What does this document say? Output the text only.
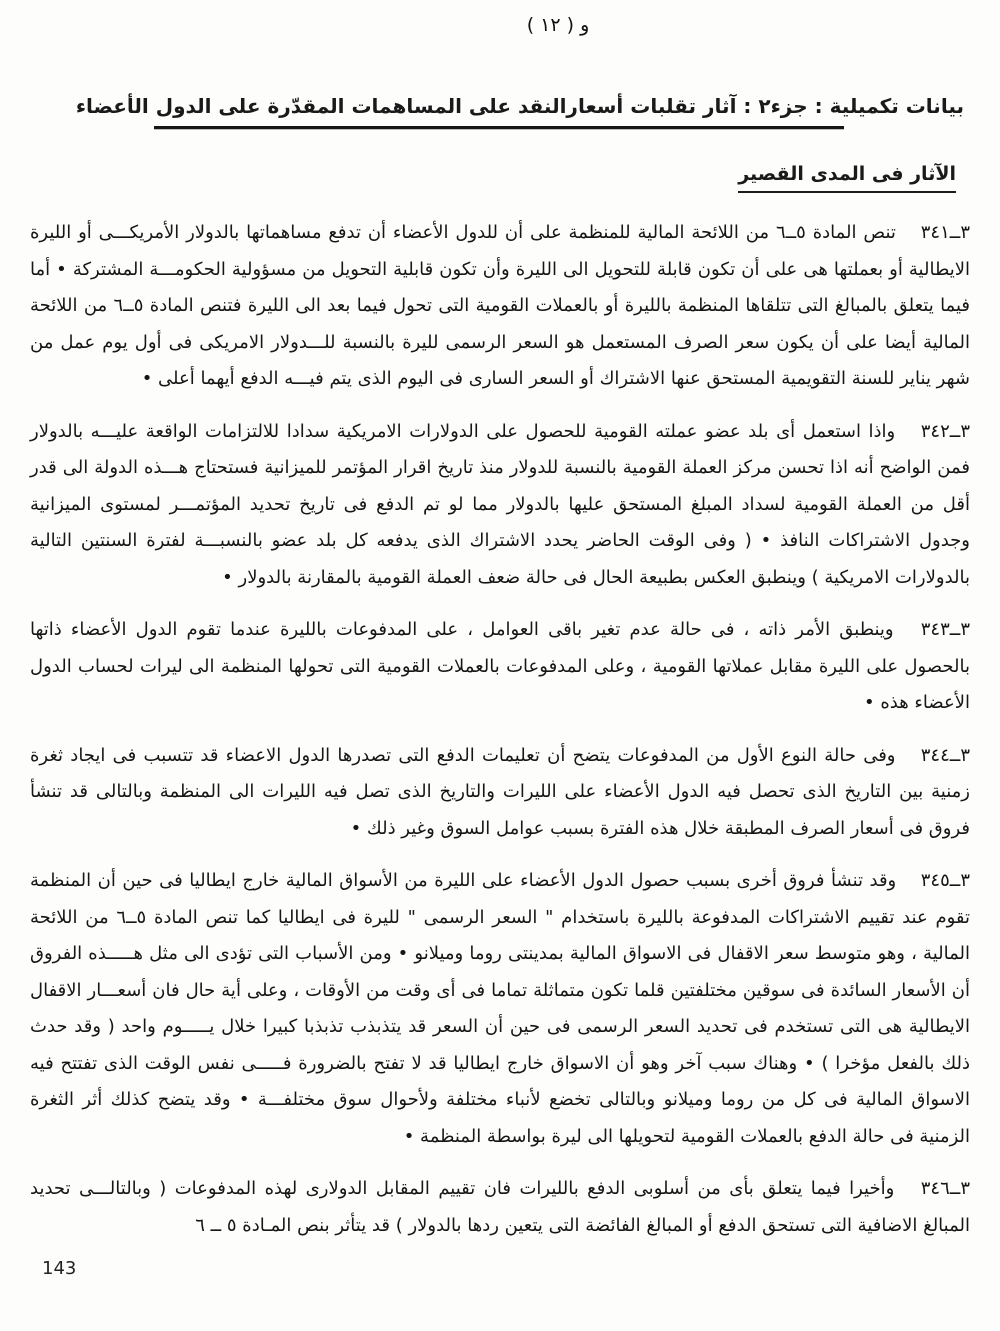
و ( ١٢ )
بيانات تكميلية : جزء٢ : آثار تقلبات أسعارالنقد على المساهمات المقدّرة على الدول الأعضاء
الآثار فى المدى القصير

٣ــ٣٤١ تنص المادة ٥ــ٦ من اللائحة المالية للمنظمة على أن للدول الأعضاء أن تدفع مساهماتها بالدولار الأمريكـــى أو الليرة الايطالية أو بعملتها هى على أن تكون قابلة للتحويل الى الليرة وأن تكون قابلية التحويل من مسؤولية الحكومـــة المشتركة • أما فيما يتعلق بالمبالغ التى تتلقاها المنظمة بالليرة أو بالعملات القومية التى تحول فيما بعد الى الليرة فتنص المادة ٥ــ٦ من اللائحة المالية أيضا على أن يكون سعر الصرف المستعمل هو السعر الرسمى لليرة بالنسبة للـــدولار الامريكى فى أول يوم عمل من شهر يناير للسنة التقويمية المستحق عنها الاشتراك أو السعر السارى فى اليوم الذى يتم فيـــه الدفع أيهما أعلى •

٣ــ٣٤٢ واذا استعمل أى بلد عضو عملته القومية للحصول على الدولارات الامريكية سدادا للالتزامات الواقعة عليـــه بالدولار فمن الواضح أنه اذا تحسن مركز العملة القومية بالنسبة للدولار منذ تاريخ اقرار المؤتمر للميزانية فستحتاج هـــذه الدولة الى قدر أقل من العملة القومية لسداد المبلغ المستحق عليها بالدولار مما لو تم الدفع فى تاريخ تحديد المؤتمـــر لمستوى الميزانية وجدول الاشتراكات النافذ • ( وفى الوقت الحاضر يحدد الاشتراك الذى يدفعه كل بلد عضو بالنسبـــة لفترة السنتين التالية بالدولارات الامريكية ) وينطبق العكس بطبيعة الحال فى حالة ضعف العملة القومية بالمقارنة بالدولار •

٣ــ٣٤٣ وينطبق الأمر ذاته ، فى حالة عدم تغير باقى العوامل ، على المدفوعات بالليرة عندما تقوم الدول الأعضاء ذاتها بالحصول على الليرة مقابل عملاتها القومية ، وعلى المدفوعات بالعملات القومية التى تحولها المنظمة الى ليرات لحساب الدول الأعضاء هذه •

٣ــ٣٤٤ وفى حالة النوع الأول من المدفوعات يتضح أن تعليمات الدفع التى تصدرها الدول الاعضاء قد تتسبب فى ايجاد ثغرة زمنية بين التاريخ الذى تحصل فيه الدول الأعضاء على الليرات والتاريخ الذى تصل فيه الليرات الى المنظمة وبالتالى قد تنشأ فروق فى أسعار الصرف المطبقة خلال هذه الفترة بسبب عوامل السوق وغير ذلك •

٣ــ٣٤٥ وقد تنشأ فروق أخرى بسبب حصول الدول الأعضاء على الليرة من الأسواق المالية خارج ايطاليا فى حين أن المنظمة تقوم عند تقييم الاشتراكات المدفوعة بالليرة باستخدام " السعر الرسمى " لليرة فى ايطاليا كما تنص المادة ٥ــ٦ من اللائحة المالية ، وهو متوسط سعر الاقفال فى الاسواق المالية بمدينتى روما وميلانو • ومن الأسباب التى تؤدى الى مثل هـــــذه الفروق أن الأسعار السائدة فى سوقين مختلفتين قلما تكون متماثلة تماما فى أى وقت من الأوقات ، وعلى أية حال فان أسعـــار الاقفال الايطالية هى التى تستخدم فى تحديد السعر الرسمى فى حين أن السعر قد يتذبذب تذبذبا كبيرا خلال يـــــوم واحد ( وقد حدث ذلك بالفعل مؤخرا ) • وهناك سبب آخر وهو أن الاسواق خارج ايطاليا قد لا تفتح بالضرورة فـــــى نفس الوقت الذى تفتتح فيه الاسواق المالية فى كل من روما وميلانو وبالتالى تخضع لأنباء مختلفة ولأحوال سوق مختلفـــة • وقد يتضح كذلك أثر الثغرة الزمنية فى حالة الدفع بالعملات القومية لتحويلها الى ليرة بواسطة المنظمة •

٣ــ٣٤٦ وأخيرا فيما يتعلق بأى من أسلوبى الدفع بالليرات فان تقييم المقابل الدولارى لهذه المدفوعات ( وبالتالـــى تحديد المبالغ الاضافية التى تستحق الدفع أو المبالغ الفائضة التى يتعين ردها بالدولار ) قد يتأثر بنص المـادة ٥ ــ ٦

143
